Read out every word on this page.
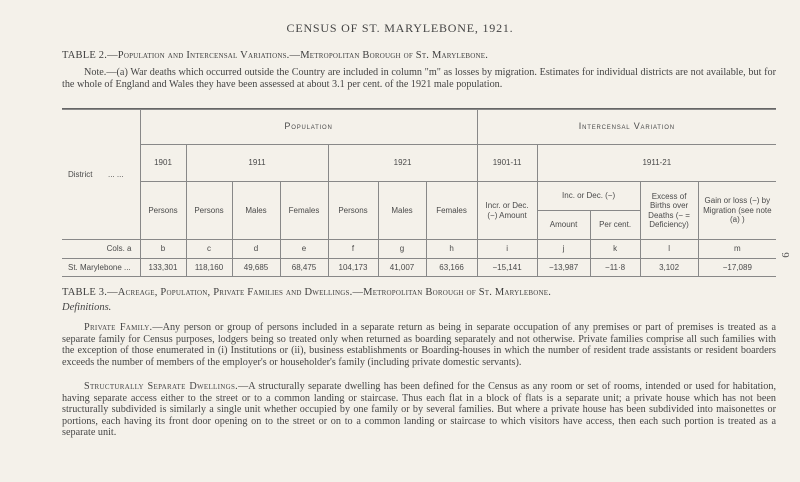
CENSUS OF ST. MARYLEBONE, 1921.
TABLE 2.—Population and Intercensal Variations.—Metropolitan Borough of St. Marylebone.
Note.—(a) War deaths which occurred outside the Country are included in column "m" as losses by migration. Estimates for individual districts are not available, but for the whole of England and Wales they have been assessed at about 3.1 per cent. of the 1921 male population.
District ... ...	Population							Intercensal Variation				
	1901	1911			1921			1901-11	1911-21			
	Persons	Persons	Males	Females	Persons	Males	Females	Incr. or Dec. (−) Amount	Inc. or Dec. (−)		Excess of Births over Deaths (− = Deficiency)	Gain or loss (−) by Migration (see note (a) )
									Amount	Per cent.		
Cols. a	b	c	d	e	f	g	h	i	j	k	l	m
St. Marylebone ...	133,301	118,160	49,685	68,475	104,173	41,007	63,166	−15,141	−13,987	−11·8	3,102	−17,089
6
TABLE 3.—Acreage, Population, Private Families and Dwellings.—Metropolitan Borough of St. Marylebone.
Definitions.
Private Family.—Any person or group of persons included in a separate return as being in separate occupation of any premises or part of premises is treated as a separate family for Census purposes, lodgers being so treated only when returned as boarding separately and not otherwise. Private families comprise all such families with the exception of those enumerated in (i) Institutions or (ii), business establishments or Boarding-houses in which the number of resident trade assistants or resident boarders exceeds the number of members of the employer's or householder's family (including private domestic servants).
Structurally Separate Dwellings.—A structurally separate dwelling has been defined for the Census as any room or set of rooms, intended or used for habitation, having separate access either to the street or to a common landing or staircase. Thus each flat in a block of flats is a separate unit; a private house which has not been structurally subdivided is similarly a single unit whether occupied by one family or by several families. But where a private house has been subdivided into maisonettes or portions, each having its front door opening on to the street or on to a common landing or staircase to which visitors have access, then each such portion is treated as a separate unit.
